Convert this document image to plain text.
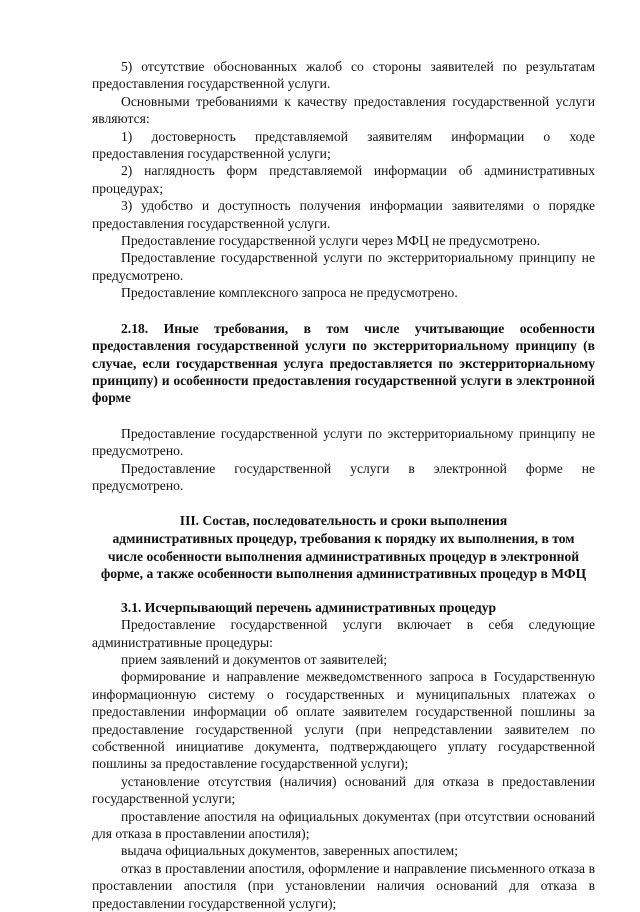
5) отсутствие обоснованных жалоб со стороны заявителей по результатам предоставления государственной услуги.

Основными требованиями к качеству предоставления государственной услуги являются:

1) достоверность представляемой заявителям информации о ходе предоставления государственной услуги;

2) наглядность форм представляемой информации об административных процедурах;

3) удобство и доступность получения информации заявителями о порядке предоставления государственной услуги.

Предоставление государственной услуги через МФЦ не предусмотрено.

Предоставление государственной услуги по экстерриториальному принципу не предусмотрено.

Предоставление комплексного запроса не предусмотрено.

2.18. Иные требования, в том числе учитывающие особенности предоставления государственной услуги по экстерриториальному принципу (в случае, если государственная услуга предоставляется по экстерриториальному принципу) и особенности предоставления государственной услуги в электронной форме

Предоставление государственной услуги по экстерриториальному принципу не предусмотрено.

Предоставление государственной услуги в электронной форме не предусмотрено.

III. Состав, последовательность и сроки выполнения

административных процедур, требования к порядку их выполнения, в том

числе особенности выполнения административных процедур в электронной

форме, а также особенности выполнения административных процедур в МФЦ

3.1. Исчерпывающий перечень административных процедур

Предоставление государственной услуги включает в себя следующие административные процедуры:

прием заявлений и документов от заявителей;

формирование и направление межведомственного запроса в Государственную информационную систему о государственных и муниципальных платежах о предоставлении информации об оплате заявителем государственной пошлины за предоставление государственной услуги (при непредставлении заявителем по собственной инициативе документа, подтверждающего уплату государственной пошлины за предоставление государственной услуги);

установление отсутствия (наличия) оснований для отказа в предоставлении государственной услуги;

проставление апостиля на официальных документах (при отсутствии оснований для отказа в проставлении апостиля);

выдача официальных документов, заверенных апостилем;

отказ в проставлении апостиля, оформление и направление письменного отказа в проставлении апостиля (при установлении наличия оснований для отказа в предоставлении государственной услуги);
